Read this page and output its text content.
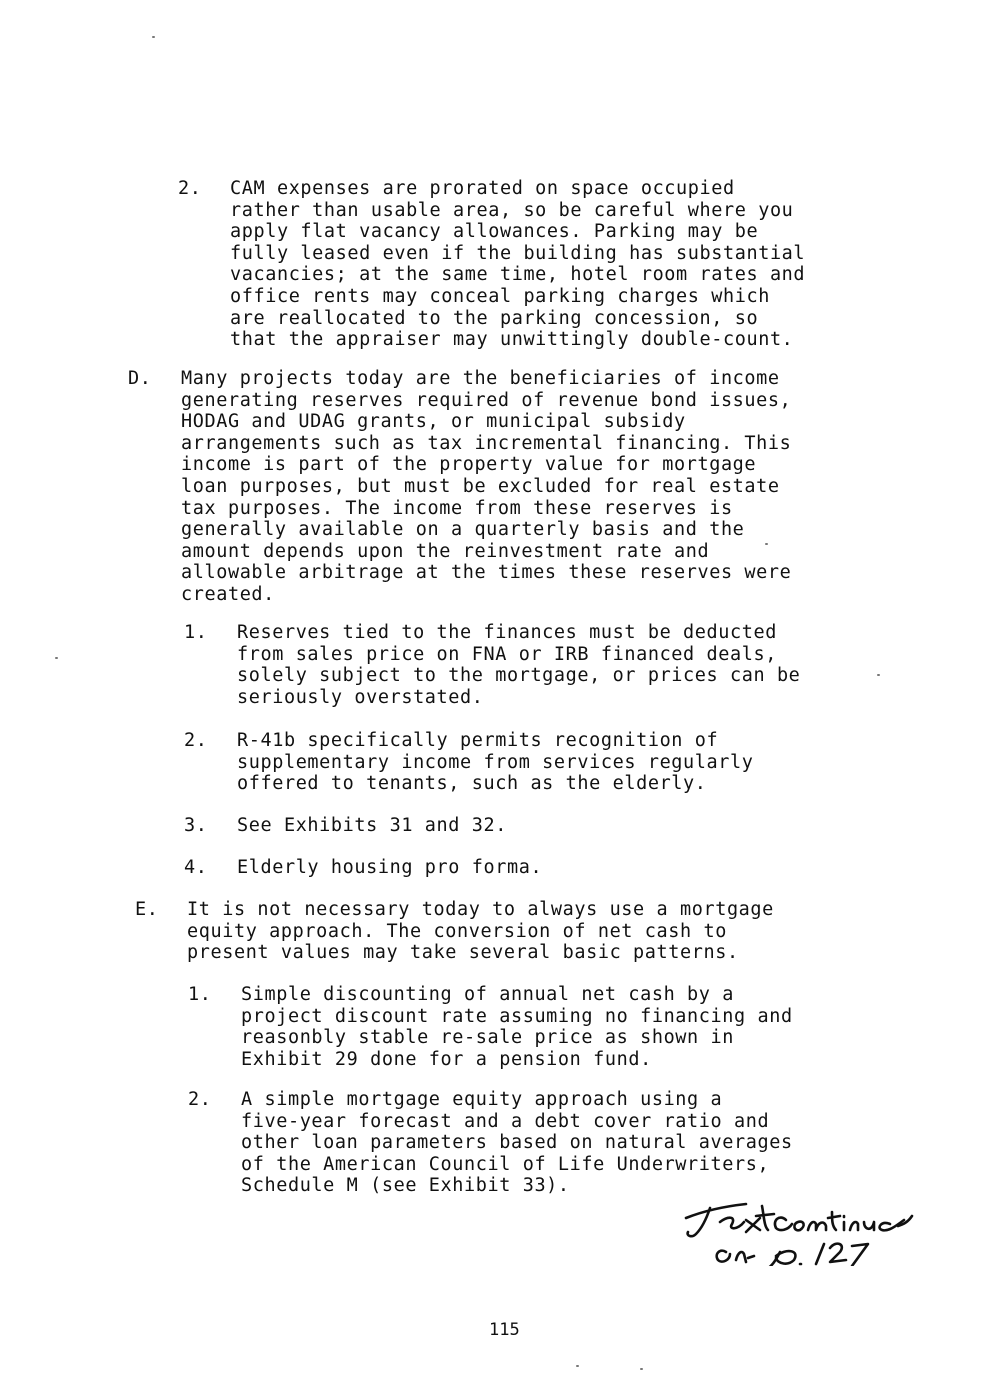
2. CAM expenses are prorated on space occupied
rather than usable area, so be careful where you
apply flat vacancy allowances. Parking may be
fully leased even if the building has substantial
vacancies; at the same time, hotel room rates and
office rents may conceal parking charges which
are reallocated to the parking concession, so
that the appraiser may unwittingly double-count.
D. Many projects today are the beneficiaries of income
generating reserves required of revenue bond issues,
HODAG and UDAG grants, or municipal subsidy
arrangements such as tax incremental financing. This
income is part of the property value for mortgage
loan purposes, but must be excluded for real estate
tax purposes. The income from these reserves is
generally available on a quarterly basis and the
amount depends upon the reinvestment rate and
allowable arbitrage at the times these reserves were
created.
1. Reserves tied to the finances must be deducted
from sales price on FNA or IRB financed deals,
solely subject to the mortgage, or prices can be
seriously overstated.
2. R-41b specifically permits recognition of
supplementary income from services regularly
offered to tenants, such as the elderly.
3. See Exhibits 31 and 32.
4. Elderly housing pro forma.
E. It is not necessary today to always use a mortgage
equity approach. The conversion of net cash to
present values may take several basic patterns.
1. Simple discounting of annual net cash by a
project discount rate assuming no financing and
reasonbly stable re-sale price as shown in
Exhibit 29 done for a pension fund.
2. A simple mortgage equity approach using a
five-year forecast and a debt cover ratio and
other loan parameters based on natural averages
of the American Council of Life Underwriters,
Schedule M (see Exhibit 33).
115
